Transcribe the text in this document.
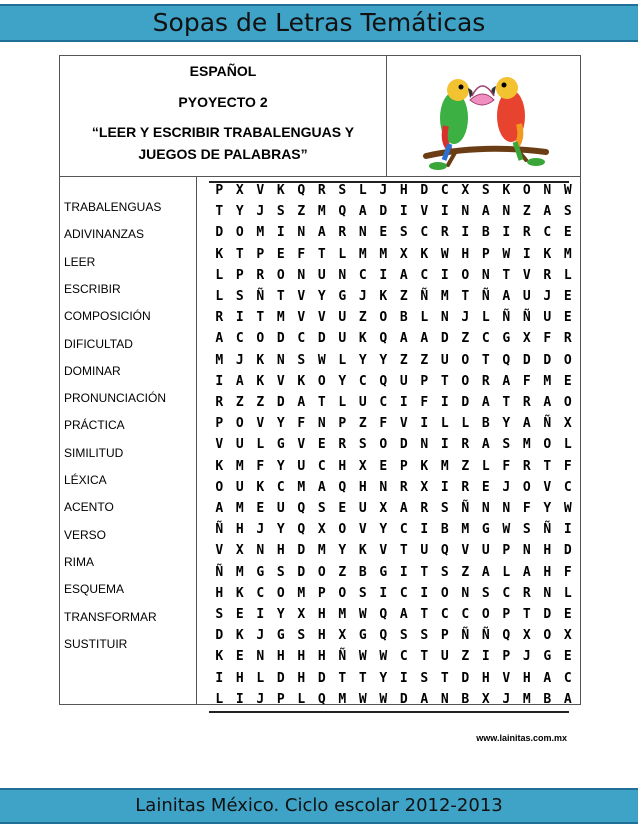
Sopas de Letras Temáticas
ESPAÑOL
PYOYECTO 2
“LEER Y ESCRIBIR TRABALENGUAS Y
JUEGOS DE PALABRAS”
TRABALENGUAS
ADIVINANZAS
LEER
ESCRIBIR
COMPOSICIÓN
DIFICULTAD
DOMINAR
PRONUNCIACIÓN
PRÁCTICA
SIMILITUD
LÉXICA
ACENTO
VERSO
RIMA
ESQUEMA
TRANSFORMAR
SUSTITUIR
www.lainitas.com.mx
P X V K Q R S L J H D C X S K O N W
T Y J S Z M Q A D I V I N A N Z A S
D O M I N A R N E S C R I B I R C E
K T P E F T L M M X K W H P W I K M
L P R O N U N C I A C I O N T V R L
L S Ñ T V Y G J K Z Ñ M T Ñ A U J E
R I T M V V U Z O B L N J L Ñ Ñ U E
A C O D C D U K Q A A D Z C G X F R
M J K N S W L Y Y Z Z U O T Q D D O
I A K V K O Y C Q U P T O R A F M E
R Z Z D A T L U C I F I D A T R A O
P O V Y F N P Z F V I L L B Y A Ñ X
V U L G V E R S O D N I R A S M O L
K M F Y U C H X E P K M Z L F R T F
O U K C M A Q H N R X I R E J O V C
A M E U Q S E U X A R S Ñ N N F Y W
Ñ H J Y Q X O V Y C I B M G W S Ñ I
V X N H D M Y K V T U Q V U P N H D
Ñ M G S D O Z B G I T S Z A L A H F
H K C O M P O S I C I O N S C R N L
S E I Y X H M W Q A T C C O P T D E
D K J G S H X G Q S S P Ñ Ñ Q X O X
K E N H H H Ñ W W C T U Z I P J G E
I H L D H D T T Y I S T D H V H A C
L I J P L Q M W W D A N B X J M B A
Lainitas México. Ciclo escolar 2012-2013
